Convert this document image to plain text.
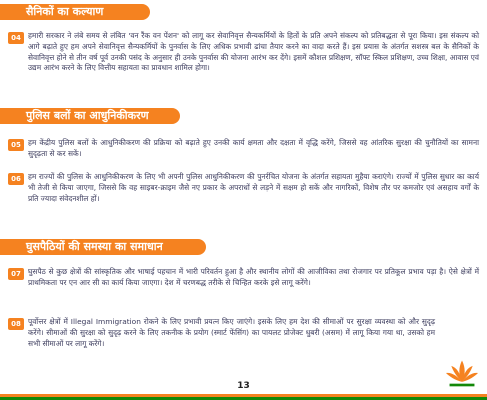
सैनिकों का कल्याण
04 हमारी सरकार ने लंबे समय से लंबित 'वन रैंक वन पेंशन' को लागू कर सेवानिवृत्त सैन्यकर्मियों के हितों के प्रति अपने संकल्प को प्रतिबद्धता से पूरा किया। इस संकल्प को आगे बढ़ाते हुए हम अपने सेवानिवृत्त सैन्यकर्मियों के पुनर्वास के लिए अधिक प्रभावी ढांचा तैयार करने का वादा करते हैं। इस प्रयास के अंतर्गत सशस्त्र बल के सैनिकों के सेवानिवृत्त होने से तीन वर्ष पूर्व उनकी पसंद के अनुसार ही उनके पुनर्वास की योजना आरंभ कर देंगे। इसमें कौशल प्रशिक्षण, सॉफ्ट स्किल प्रशिक्षण, उच्च शिक्षा, आवास एवं उद्यम आरंभ करने के लिए वित्तीय सहायता का प्रावधान शामिल होगा।
पुलिस बलों का आधुनिकीकरण
05 हम केंद्रीय पुलिस बलों के आधुनिकीकरण की प्रक्रिया को बढ़ाते हुए उनकी कार्य क्षमता और दक्षता में वृद्धि करेंगे, जिससे वह आंतरिक सुरक्षा की चुनौतियों का सामना सुदृढ़ता से कर सकें।
06 हम राज्यों की पुलिस के आधुनिकीकरण के लिए भी अपनी पुलिस आधुनिकीकरण की पुनर्रचित योजना के अंतर्गत सहायता मुहैया कराएंगे। राज्यों में पुलिस सुधार का कार्य भी तेजी से किया जाएगा, जिससे कि वह साइबर-क्राइम जैसे नए प्रकार के अपराधों से लड़ने में सक्षम हो सकें और नागरिकों, विशेष तौर पर कमजोर एवं असहाय वर्गों के प्रति ज्यादा संवेदनशील हों।
घुसपैठियों की समस्या का समाधान
07 घुसपैठ से कुछ क्षेत्रों की सांस्कृतिक और भाषाई पहचान में भारी परिवर्तन हुआ है और स्थानीय लोगों की आजीविका तथा रोजगार पर प्रतिकूल प्रभाव पड़ा है। ऐसे क्षेत्रों में प्राथमिकता पर एन आर सी का कार्य किया जाएगा। देश में चरणबद्ध तरीके से चिन्हित करके इसे लागू करेंगे।
08 पूर्वोत्तर क्षेत्रों में Illegal Immigration रोकने के लिए प्रभावी प्रयत्न किए जाएंगे। इसके लिए हम देश की सीमाओं पर सुरक्षा व्यवस्था को और सुदृढ़ करेंगे। सीमाओं की सुरक्षा को सुदृढ़ करने के लिए तकनीक के प्रयोग (स्मार्ट फेंसिंग) का पायलट प्रोजेक्ट धुबरी (असम) में लागू किया गया था, उसको हम सभी सीमाओं पर लागू करेंगे।
13
